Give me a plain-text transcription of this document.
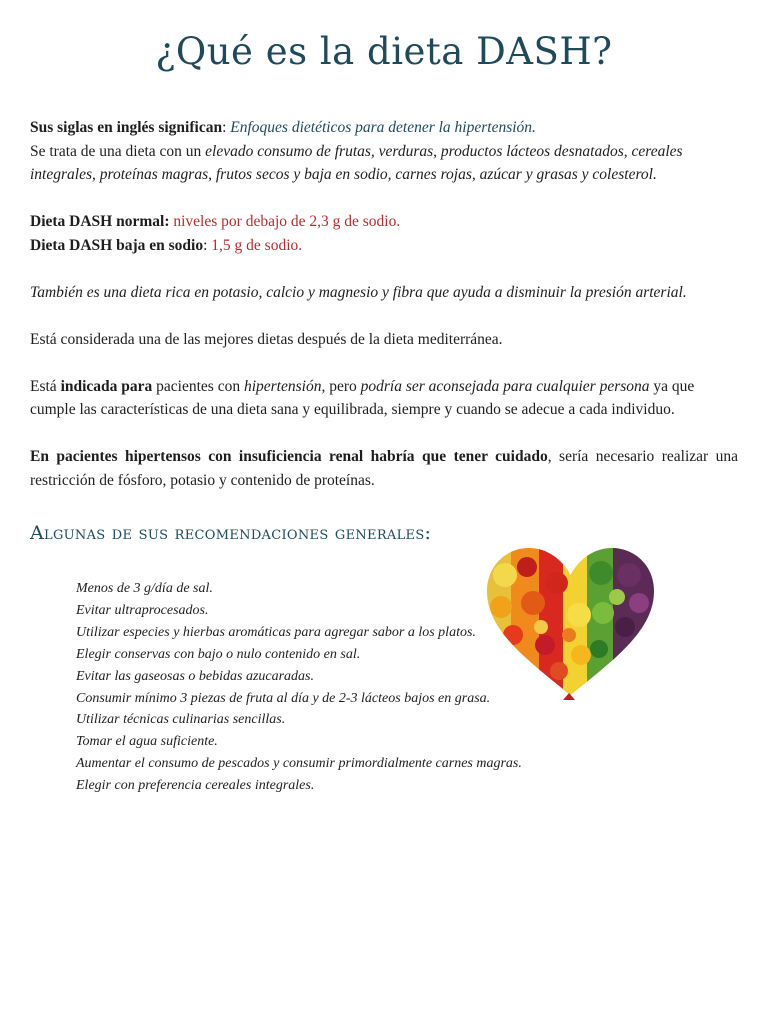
¿Qué es la dieta DASH?

Sus siglas en inglés significan: Enfoques dietéticos para detener la hipertensión.
Se trata de una dieta con un elevado consumo de frutas, verduras, productos lácteos desnatados, cereales integrales, proteínas magras, frutos secos y baja en sodio, carnes rojas, azúcar y grasas y colesterol.

Dieta DASH normal: niveles por debajo de 2,3 g de sodio.
Dieta DASH baja en sodio: 1,5 g de sodio.

También es una dieta rica en potasio, calcio y magnesio y fibra que ayuda a disminuir la presión arterial.

Está considerada una de las mejores dietas después de la dieta mediterránea.

Está indicada para pacientes con hipertensión, pero podría ser aconsejada para cualquier persona ya que cumple las características de una dieta sana y equilibrada, siempre y cuando se adecue a cada individuo.

En pacientes hipertensos con insuficiencia renal habría que tener cuidado, sería necesario realizar una restricción de fósforo, potasio y contenido de proteínas.

Algunas de sus recomendaciones generales:
Menos de 3 g/día de sal.
Evitar ultraprocesados.
Utilizar especies y hierbas aromáticas para agregar sabor a los platos.
Elegir conservas con bajo o nulo contenido en sal.
Evitar las gaseosas o bebidas azucaradas.
Consumir mínimo 3 piezas de fruta al día y de 2-3 lácteos bajos en grasa.
Utilizar técnicas culinarias sencillas.
Tomar el agua suficiente.
Aumentar el consumo de pescados y consumir primordialmente carnes magras.
Elegir con preferencia cereales integrales.
